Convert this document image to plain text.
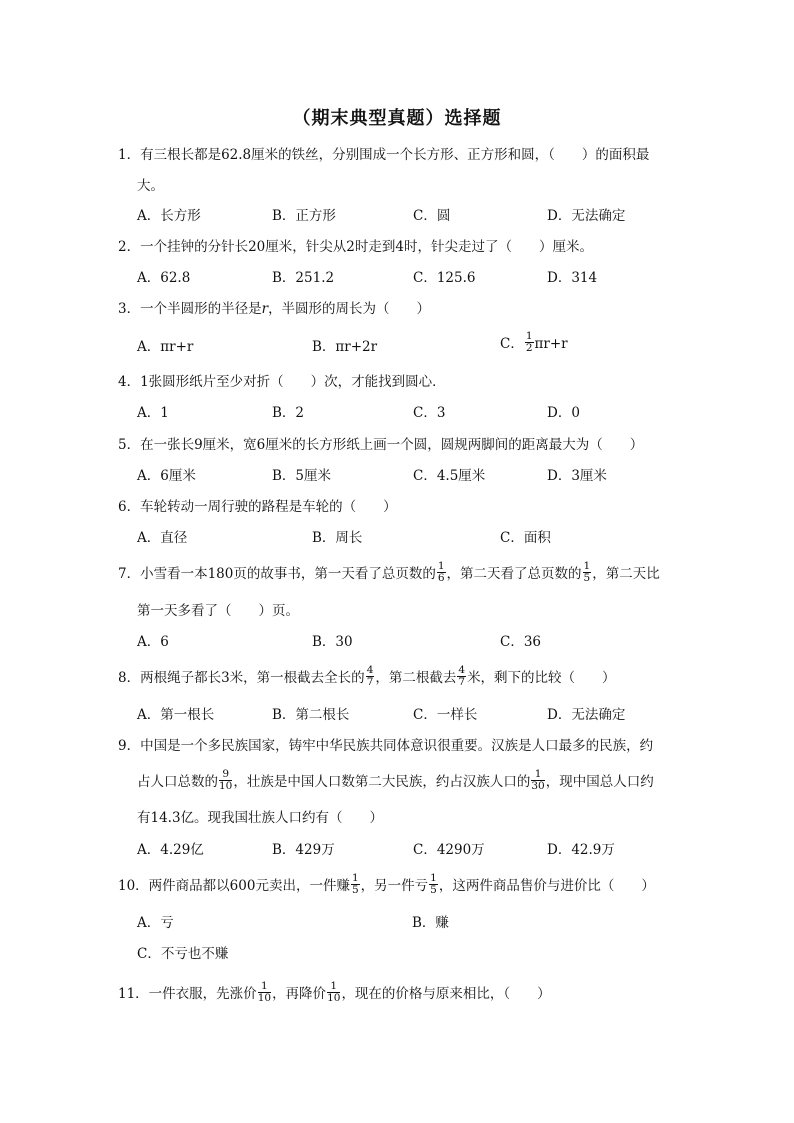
（期末典型真题）选择题
1．有三根长都是62.8厘米的铁丝，分别围成一个长方形、正方形和圆，（　　）的面积最
大。
A．长方形	B．正方形	C．圆	D．无法确定
2．一个挂钟的分针长20厘米，针尖从2时走到4时，针尖走过了（　　）厘米。
A．62.8	B．251.2	C．125.6	D．314
3．一个半圆形的半径是r，半圆形的周长为（　　）
A．πr+r	B．πr+2r	C． $\frac{1}{2} \pi r+r$
4．1张圆形纸片至少对折（　　）次，才能找到圆心．
A．1	B．2	C．3	D．0
5．在一张长9厘米，宽6厘米的长方形纸上画一个圆，圆规两脚间的距离最大为（　　）
A．6厘米	B．5厘米	C．4.5厘米	D．3厘米
6．车轮转动一周行驶的路程是车轮的（　　）
A．直径	B．周长	C．面积
7．小雪看一本180页的故事书，第一天看了总页数的 $\frac{1}{6}$ ，第二天看了总页数的 $\frac{1}{5}$ ，第二天比
第一天多看了（　　）页。
A．6	B．30	C．36
8．两根绳子都长3米，第一根截去全长的 $\frac{4}{7}$ ，第二根截去 $\frac{4}{7}$ 米，剩下的比较（　　）
A．第一根长	B．第二根长	C．一样长	D．无法确定
9．中国是一个多民族国家，铸牢中华民族共同体意识很重要。汉族是人口最多的民族，约
占人口总数的 $\frac{9}{10}$ ，壮族是中国人口数第二大民族，约占汉族人口的 $\frac{1}{30}$ ，现中国总人口约
有14.3亿。现我国壮族人口约有（　　）
A．4.29亿	B．429万	C．4290万	D．42.9万
10．两件商品都以600元卖出，一件赚 $\frac{1}{5}$ ，另一件亏 $\frac{1}{5}$ ，这两件商品售价与进价比（　　）
A．亏	B．赚
C．不亏也不赚
11．一件衣服，先涨价 $\frac{1}{10}$ ，再降价 $\frac{1}{10}$ ，现在的价格与原来相比，（　　）
